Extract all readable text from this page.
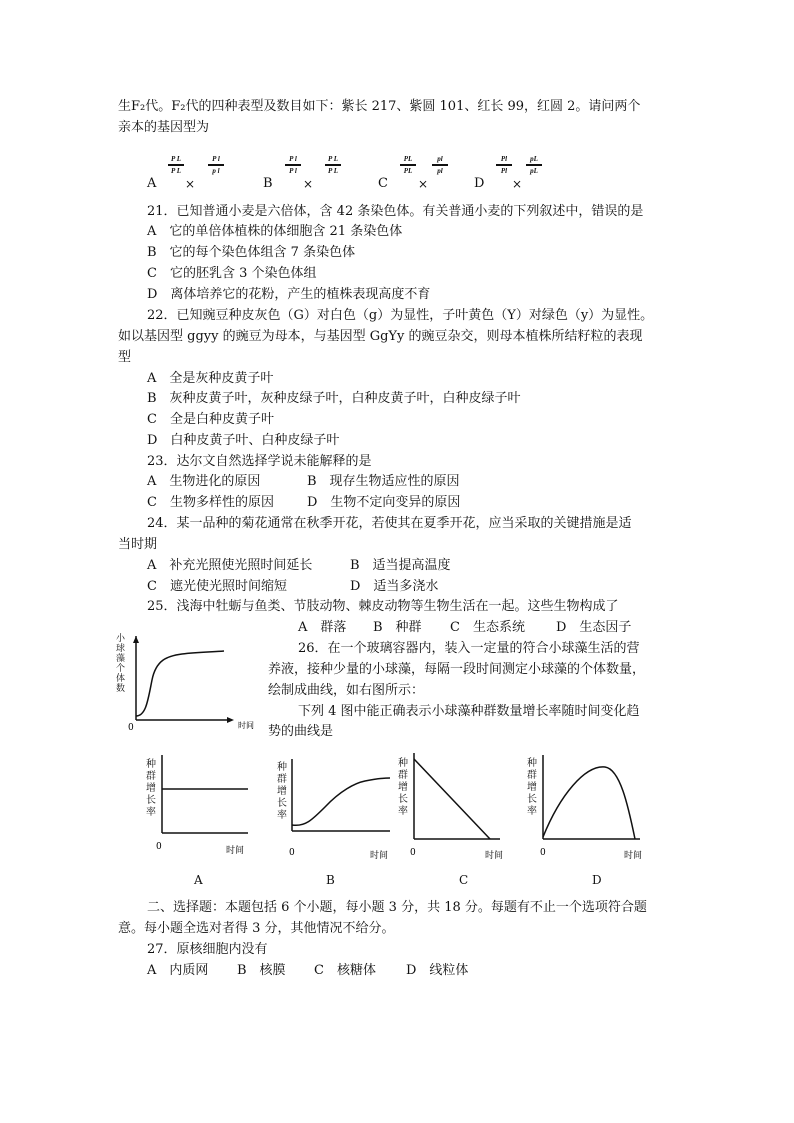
生F₂代。F₂代的四种表型及数目如下：紫长 217、紫圆 101、红长 99，红圆 2。请问两个
亲本的基因型为
A
P L
P L
×
P l
p l
B
P l
P l
×
P L
P L
C
PL
PL
×
pl
pl
D
Pl
Pl
×
pL
pL
21．已知普通小麦是六倍体，含 42 条染色体。有关普通小麦的下列叙述中，错误的是
A　它的单倍体植株的体细胞含 21 条染色体
B　它的每个染色体组含 7 条染色体
C　它的胚乳含 3 个染色体组
D　离体培养它的花粉，产生的植株表现高度不育
22．已知豌豆种皮灰色（G）对白色（g）为显性，子叶黄色（Y）对绿色（y）为显性。
如以基因型 ggyy 的豌豆为母本，与基因型 GgYy 的豌豆杂交，则母本植株所结籽粒的表现
型
A　全是灰种皮黄子叶
B　灰种皮黄子叶，灰种皮绿子叶，白种皮黄子叶，白种皮绿子叶
C　全是白种皮黄子叶
D　白种皮黄子叶、白种皮绿子叶
23．达尔文自然选择学说未能解释的是
A　生物进化的原因	B　现存生物适应性的原因
C　生物多样性的原因	D　生物不定向变异的原因
24．某一品种的菊花通常在秋季开花，若使其在夏季开花，应当采取的关键措施是适
当时期
A　补充光照使光照时间延长	B　适当提高温度
C　遮光使光照时间缩短	D　适当多浇水
25．浅海中牡蛎与鱼类、节肢动物、棘皮动物等生物生活在一起。这些生物构成了
A　群落 B　种群 C　生态系统 D　生态因子
26．在一个玻璃容器内，装入一定量的符合小球藻生活的营
养液，接种少量的小球藻，每隔一段时间测定小球藻的个体数量，
绘制成曲线，如右图所示：
下列 4 图中能正确表示小球藻种群数量增长率随时间变化趋
势的曲线是
0	时间
小球藻个体数
0	时间	0	时间 0	时间	0	时间
种群增长率
种群增长率
种群增长率
种群增长率
A	B	C	D
二、选择题：本题包括 6 个小题，每小题 3 分，共 18 分。每题有不止一个选项符合题
意。每小题全选对者得 3 分，其他情况不给分。
27．原核细胞内没有
A　内质网 B　核膜 C　核糖体 D　线粒体
